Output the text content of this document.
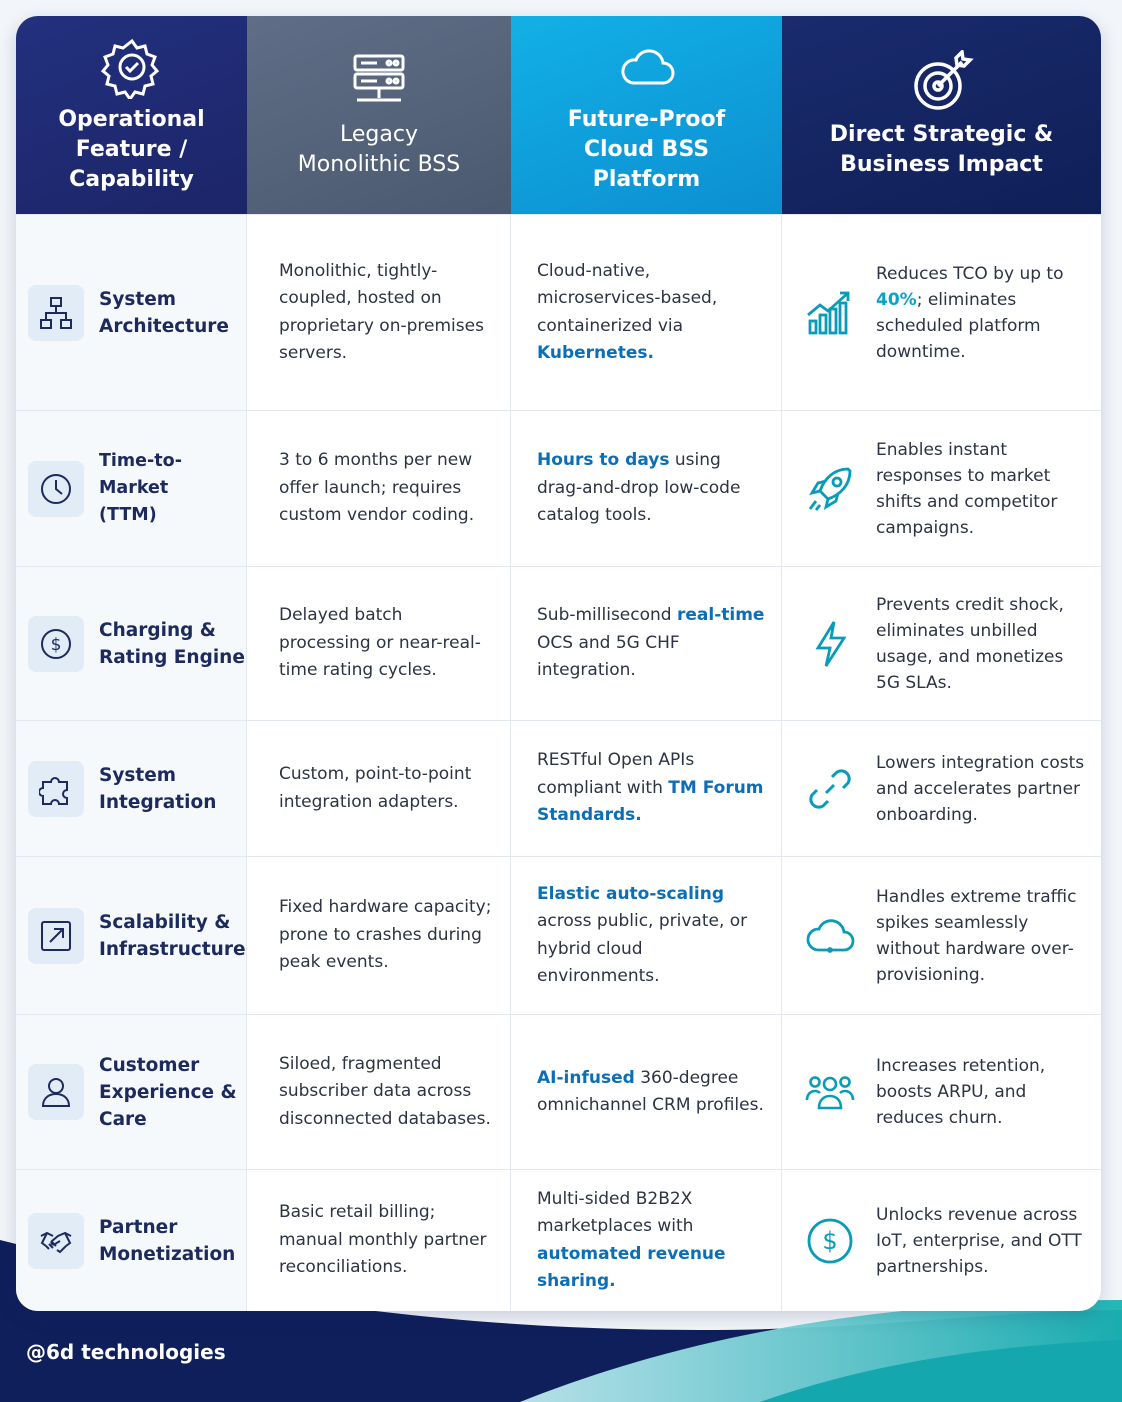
@6d technologies
Operational
Feature /
Capability
Legacy
Monolithic BSS
Future-Proof
Cloud BSS
Platform
Direct Strategic &
Business Impact
System
Architecture
Monolithic, tightly-coupled, hosted on proprietary on-premises servers.
Cloud-native, microservices-based, containerized via Kubernetes.
Reduces TCO by up to 40%; eliminates scheduled platform downtime.
Time-to-Market
(TTM)
3 to 6 months per new offer launch; requires custom vendor coding.
Hours to days using drag-and-drop low-code catalog tools.
Enables instant responses to market shifts and competitor campaigns.
$
Charging &
Rating Engine
Delayed batch processing or near-real-time rating cycles.
Sub-millisecond real-time OCS and 5G CHF integration.
Prevents credit shock, eliminates unbilled usage, and monetizes 5G SLAs.
System
Integration
Custom, point-to-point integration adapters.
RESTful Open APIs compliant with TM Forum Standards.
Lowers integration costs and accelerates partner onboarding.
Scalability &
Infrastructure
Fixed hardware capacity; prone to crashes during peak events.
Elastic auto-scaling across public, private, or hybrid cloud environments.
Handles extreme traffic spikes seamlessly without hardware over-provisioning.
Customer
Experience &
Care
Siloed, fragmented subscriber data across disconnected databases.
AI-infused 360-degree omnichannel CRM profiles.
Increases retention, boosts ARPU, and reduces churn.
Partner
Monetization
Basic retail billing; manual monthly partner reconciliations.
Multi-sided B2B2X marketplaces with automated revenue sharing.
$
Unlocks revenue across IoT, enterprise, and OTT partnerships.
